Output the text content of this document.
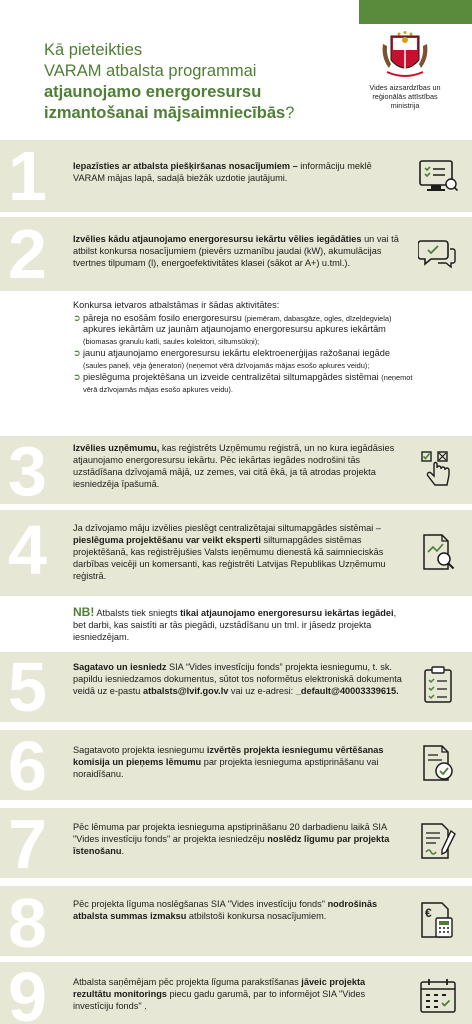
Kā pieteikties
VARAM atbalsta programmai
atjaunojamo energoresursu
izmantošanai mājsaimniecībās?
Vides aizsardzības un
reģionālās attīstības
ministrija
1	Iepazīsties ar atbalsta piešķiršanas nosacījumiem – informāciju meklē VARAM mājas lapā, sadaļā biežāk uzdotie jautājumi.
2	Izvēlies kādu atjaunojamo energoresursu iekārtu vēlies iegādāties un vai tā atbilst konkursa nosacījumiem (pievērs uzmanību jaudai (kW), akumulācijas tvertnes tilpumam (l), energoefektivitātes klasei (sākot ar A+) u.tml.).
Konkursa ietvaros atbalstāmas ir šādas aktivitātes:
➲ pāreja no esošām fosilo energoresursu (piemēram, dabasgāze, ogles, dīzeļdegviela) apkures iekārtām uz jaunām atjaunojamo energoresursu apkures iekārtām (biomasas granulu katli, saules kolektori, siltumsūkņi);
➲ jaunu atjaunojamo energoresursu iekārtu elektroenerģijas ražošanai iegāde (saules paneļi, vēja ģeneratori) (neņemot vērā dzīvojamās mājas esošo apkures veidu);
➲ pieslēguma projektēšana un izveide centralizētai siltumapgādes sistēmai (neņemot vērā dzīvojamās mājas esošo apkures veidu).
3	Izvēlies uzņēmumu, kas reģistrēts Uzņēmumu reģistrā, un no kura iegādāsies atjaunojamo energoresursu iekārtu. Pēc iekārtas iegādes nodrošini tās uzstādīšana dzīvojamā mājā, uz zemes, vai citā ēkā, ja tā atrodas projekta iesniedzēja īpašumā.
4	Ja dzīvojamo māju izvēlies pieslēgt centralizētajai siltumapgādes sistēmai – pieslēguma projektēšanu var veikt eksperti siltumapgādes sistēmas projektēšanā, kas reģistrējušies Valsts ieņēmumu dienestā kā saimnieciskās darbības veicēji un komersanti, kas reģistrēti Latvijas Republikas Uzņēmumu reģistrā.
NB! Atbalsts tiek sniegts tikai atjaunojamo energoresursu iekārtas iegādei, bet darbi, kas saistīti ar tās piegādi, uzstādīšanu un tml. ir jāsedz projekta iesniedzējam.
5	Sagatavo un iesniedz SIA “Vides investīciju fonds” projekta iesniegumu, t. sk. papildu iesniedzamos dokumentus, sūtot tos noformētus elektroniskā dokumenta veidā uz e-pastu atbalsts@lvif.gov.lv vai uz e-adresi: _default@40003339615.
6	Sagatavoto projekta iesniegumu izvērtēs projekta iesniegumu vērtēšanas komisija un pieņems lēmumu par projekta iesnieguma apstiprināšanu vai noraidīšanu.
7	Pēc lēmuma par projekta iesnieguma apstiprināšanu 20 darbadienu laikā SIA "Vides investīciju fonds" ar projekta iesniedzēju noslēdz līgumu par projekta īstenošanu.
8	Pēc projekta līguma noslēgšanas SIA "Vides investīciju fonds" nodrošinās atbalsta summas izmaksu atbilstoši konkursa nosacījumiem.	€
9	Atbalsta saņēmējam pēc projekta līguma parakstīšanas jāveic projekta rezultātu monitorings piecu gadu garumā, par to informējot SIA "Vides investīciju fonds" .
